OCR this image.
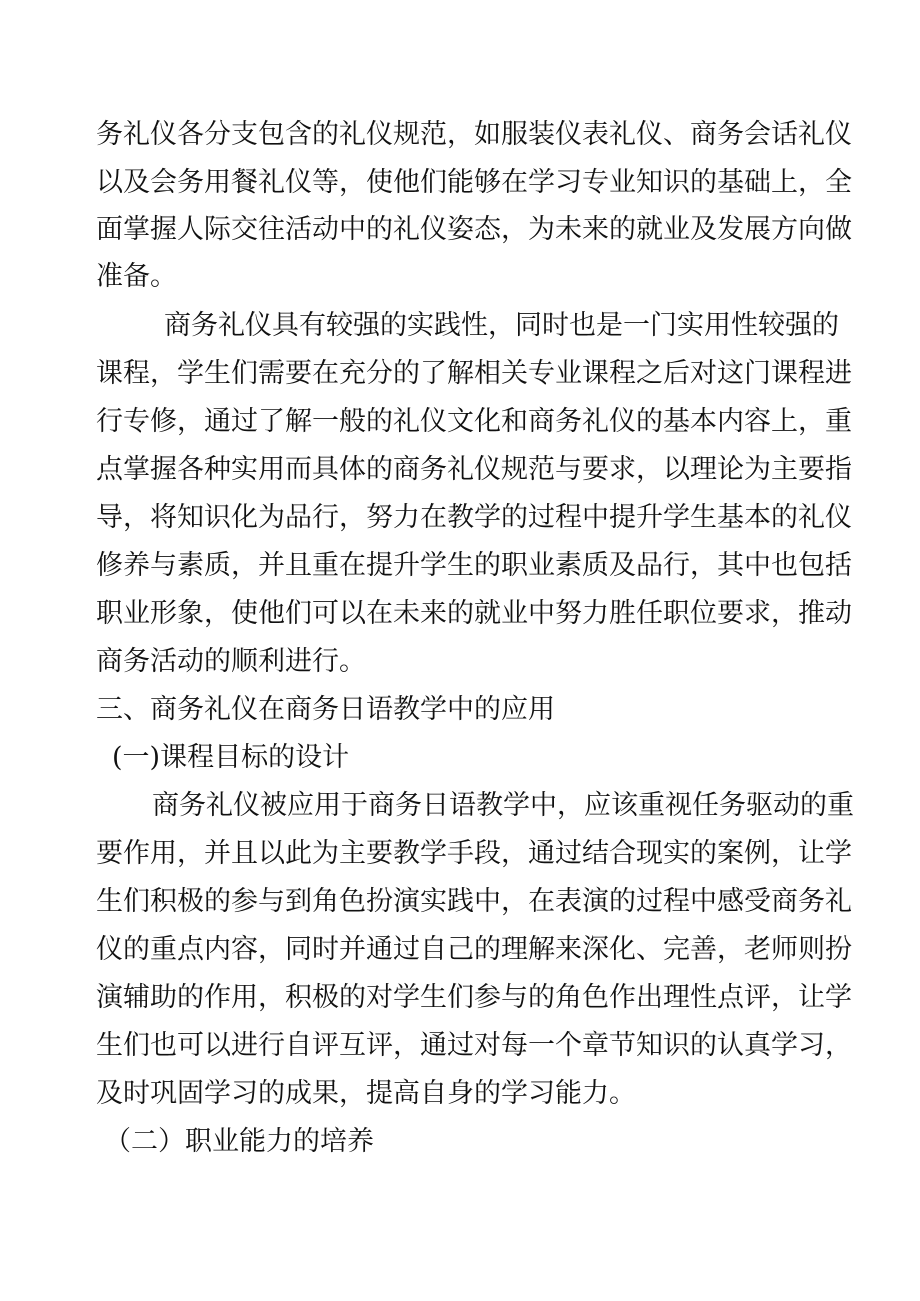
务礼仪各分支包含的礼仪规范，如服装仪表礼仪、商务会话礼仪

以及会务用餐礼仪等，使他们能够在学习专业知识的基础上，全

面掌握人际交往活动中的礼仪姿态，为未来的就业及发展方向做

准备。

商务礼仪具有较强的实践性，同时也是一门实用性较强的

课程，学生们需要在充分的了解相关专业课程之后对这门课程进

行专修，通过了解一般的礼仪文化和商务礼仪的基本内容上，重

点掌握各种实用而具体的商务礼仪规范与要求，以理论为主要指

导，将知识化为品行，努力在教学的过程中提升学生基本的礼仪

修养与素质，并且重在提升学生的职业素质及品行，其中也包括

职业形象，使他们可以在未来的就业中努力胜任职位要求，推动

商务活动的顺利进行。

三、商务礼仪在商务日语教学中的应用

(一)课程目标的设计

商务礼仪被应用于商务日语教学中，应该重视任务驱动的重

要作用，并且以此为主要教学手段，通过结合现实的案例，让学

生们积极的参与到角色扮演实践中，在表演的过程中感受商务礼

仪的重点内容，同时并通过自己的理解来深化、完善，老师则扮

演辅助的作用，积极的对学生们参与的角色作出理性点评，让学

生们也可以进行自评互评，通过对每一个章节知识的认真学习，

及时巩固学习的成果，提高自身的学习能力。

（二）职业能力的培养
